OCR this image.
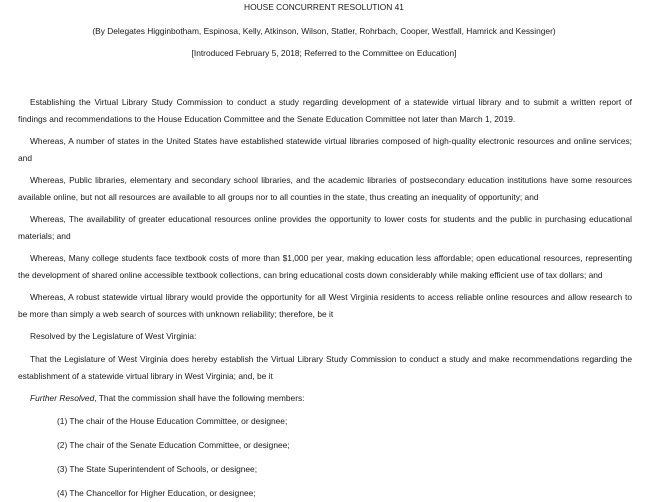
HOUSE CONCURRENT RESOLUTION 41
(By Delegates Higginbotham, Espinosa, Kelly, Atkinson, Wilson, Statler, Rohrbach, Cooper, Westfall, Hamrick and Kessinger)
[Introduced February 5, 2018; Referred to the Committee on Education]
Establishing the Virtual Library Study Commission to conduct a study regarding development of a statewide virtual library and to submit a written report of
findings and recommendations to the House Education Committee and the Senate Education Committee not later than March 1, 2019.
Whereas, A number of states in the United States have established statewide virtual libraries composed of high-quality electronic resources and online services;
and
Whereas, Public libraries, elementary and secondary school libraries, and the academic libraries of postsecondary education institutions have some resources
available online, but not all resources are available to all groups nor to all counties in the state, thus creating an inequality of opportunity; and
Whereas, The availability of greater educational resources online provides the opportunity to lower costs for students and the public in purchasing educational
materials; and
Whereas, Many college students face textbook costs of more than $1,000 per year, making education less affordable; open educational resources, representing
the development of shared online accessible textbook collections, can bring educational costs down considerably while making efficient use of tax dollars; and
Whereas, A robust statewide virtual library would provide the opportunity for all West Virginia residents to access reliable online resources and allow research to
be more than simply a web search of sources with unknown reliability; therefore, be it
Resolved by the Legislature of West Virginia:
That the Legislature of West Virginia does hereby establish the Virtual Library Study Commission to conduct a study and make recommendations regarding the
establishment of a statewide virtual library in West Virginia; and, be it
Further Resolved, That the commission shall have the following members:
(1) The chair of the House Education Committee, or designee;
(2) The chair of the Senate Education Committee, or designee;
(3) The State Superintendent of Schools, or designee;
(4) The Chancellor for Higher Education, or designee;
